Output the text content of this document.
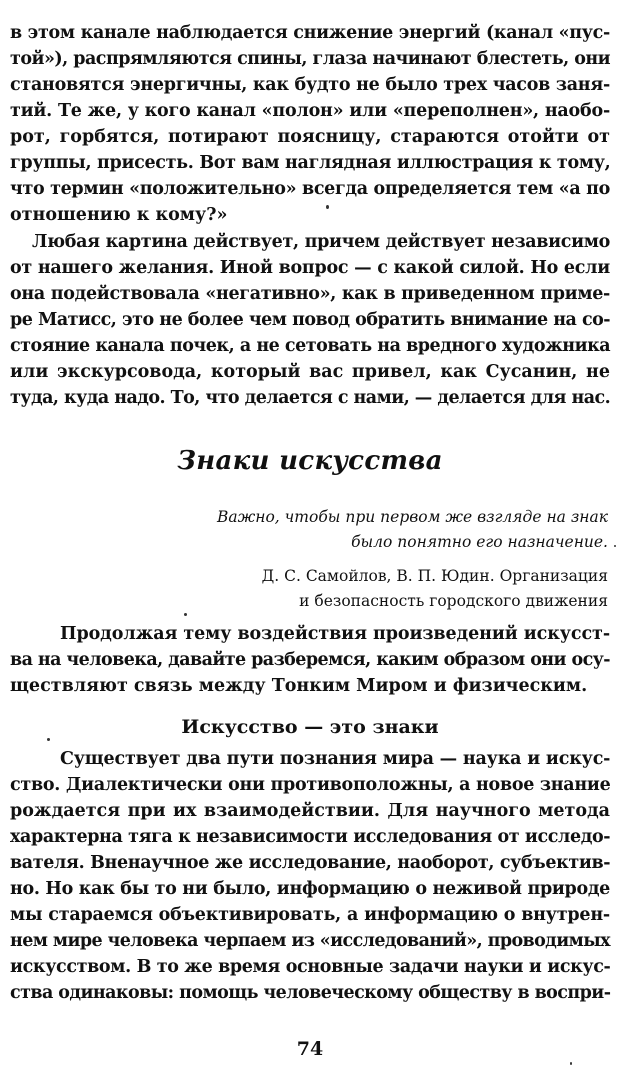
в этом канале наблюдается снижение энергий (канал «пус-
той»), распрямляются спины, глаза начинают блестеть, они
становятся энергичны, как будто не было трех часов заня-
тий. Те же, у кого канал «полон» или «переполнен», наобо-
рот, горбятся, потирают поясницу, стараются отойти от
группы, присесть. Вот вам наглядная иллюстрация к тому,
что термин «положительно» всегда определяется тем «а по
отношению к кому?»
Любая картина действует, причем действует независимо
от нашего желания. Иной вопрос — с какой силой. Но если
она подействовала «негативно», как в приведенном приме-
ре Матисс, это не более чем повод обратить внимание на со-
стояние канала почек, а не сетовать на вредного художника
или экскурсовода, который вас привел, как Сусанин, не
туда, куда надо. То, что делается с нами, — делается для нас.
Знаки искусства
Важно, чтобы при первом же взгляде на знак
было понятно его назначение.
Д. С. Самойлов, В. П. Юдин. Организация
и безопасность городского движения
Продолжая тему воздействия произведений искусст-
ва на человека, давайте разберемся, каким образом они осу-
ществляют связь между Тонким Миром и физическим.
Искусство — это знаки
Существует два пути познания мира — наука и искус-
ство. Диалектически они противоположны, а новое знание
рождается при их взаимодействии. Для научного метода
характерна тяга к независимости исследования от исследо-
вателя. Вненаучное же исследование, наоборот, субъектив-
но. Но как бы то ни было, информацию о неживой природе
мы стараемся объективировать, а информацию о внутрен-
нем мире человека черпаем из «исследований», проводимых
искусством. В то же время основные задачи науки и искус-
ства одинаковы: помощь человеческому обществу в воспри-
74
